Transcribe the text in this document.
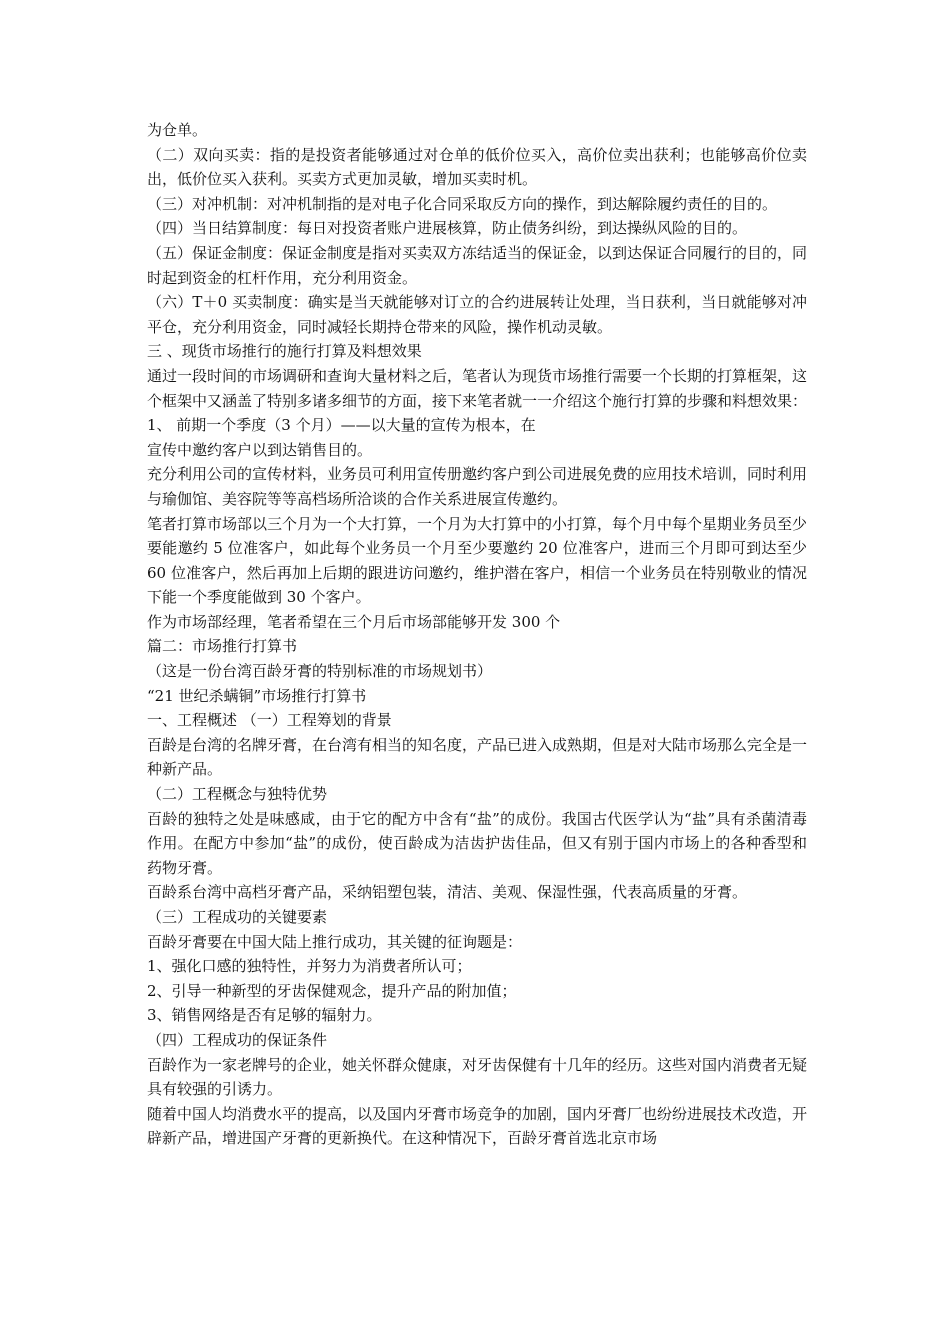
为仓单。

（二）双向买卖：指的是投资者能够通过对仓单的低价位买入，高价位卖出获利；也能够高价位卖出，低价位买入获利。买卖方式更加灵敏，增加买卖时机。

（三）对冲机制：对冲机制指的是对电子化合同采取反方向的操作，到达解除履约责任的目的。

（四）当日结算制度：每日对投资者账户进展核算，防止债务纠纷，到达操纵风险的目的。

（五）保证金制度：保证金制度是指对买卖双方冻结适当的保证金，以到达保证合同履行的目的，同时起到资金的杠杆作用，充分利用资金。

（六）T＋0 买卖制度：确实是当天就能够对订立的合约进展转让处理，当日获利，当日就能够对冲平仓，充分利用资金，同时减轻长期持仓带来的风险，操作机动灵敏。

三 、现货市场推行的施行打算及料想效果

通过一段时间的市场调研和查询大量材料之后，笔者认为现货市场推行需要一个长期的打算框架，这个框架中又涵盖了特别多诸多细节的方面，接下来笔者就一一介绍这个施行打算的步骤和料想效果：

1、 前期一个季度（3 个月）——以大量的宣传为根本，在

宣传中邀约客户以到达销售目的。

充分利用公司的宣传材料，业务员可利用宣传册邀约客户到公司进展免费的应用技术培训，同时利用与瑜伽馆、美容院等等高档场所洽谈的合作关系进展宣传邀约。

笔者打算市场部以三个月为一个大打算，一个月为大打算中的小打算，每个月中每个星期业务员至少要能邀约 5 位准客户，如此每个业务员一个月至少要邀约 20 位准客户，进而三个月即可到达至少 60 位准客户，然后再加上后期的跟进访问邀约，维护潜在客户，相信一个业务员在特别敬业的情况下能一个季度能做到 30 个客户。

作为市场部经理，笔者希望在三个月后市场部能够开发 300 个

篇二：市场推行打算书

（这是一份台湾百龄牙膏的特别标准的市场规划书）

“21 世纪杀螨铜”市场推行打算书

一、工程概述 （一）工程筹划的背景

百龄是台湾的名牌牙膏，在台湾有相当的知名度，产品已进入成熟期，但是对大陆市场那么完全是一种新产品。

（二）工程概念与独特优势

百龄的独特之处是味感咸，由于它的配方中含有“盐”的成份。我国古代医学认为“盐”具有杀菌清毒作用。在配方中参加“盐”的成份，使百龄成为洁齿护齿佳品，但又有别于国内市场上的各种香型和药物牙膏。

百龄系台湾中高档牙膏产品，采纳铝塑包装，清洁、美观、保湿性强，代表高质量的牙膏。

（三）工程成功的关键要素

百龄牙膏要在中国大陆上推行成功，其关键的征询题是：

1、强化口感的独特性，并努力为消费者所认可；

2、引导一种新型的牙齿保健观念，提升产品的附加值；

3、销售网络是否有足够的辐射力。

（四）工程成功的保证条件

百龄作为一家老牌号的企业，她关怀群众健康，对牙齿保健有十几年的经历。这些对国内消费者无疑具有较强的引诱力。

随着中国人均消费水平的提高，以及国内牙膏市场竞争的加剧，国内牙膏厂也纷纷进展技术改造，开辟新产品，增进国产牙膏的更新换代。在这种情况下，百龄牙膏首选北京市场
